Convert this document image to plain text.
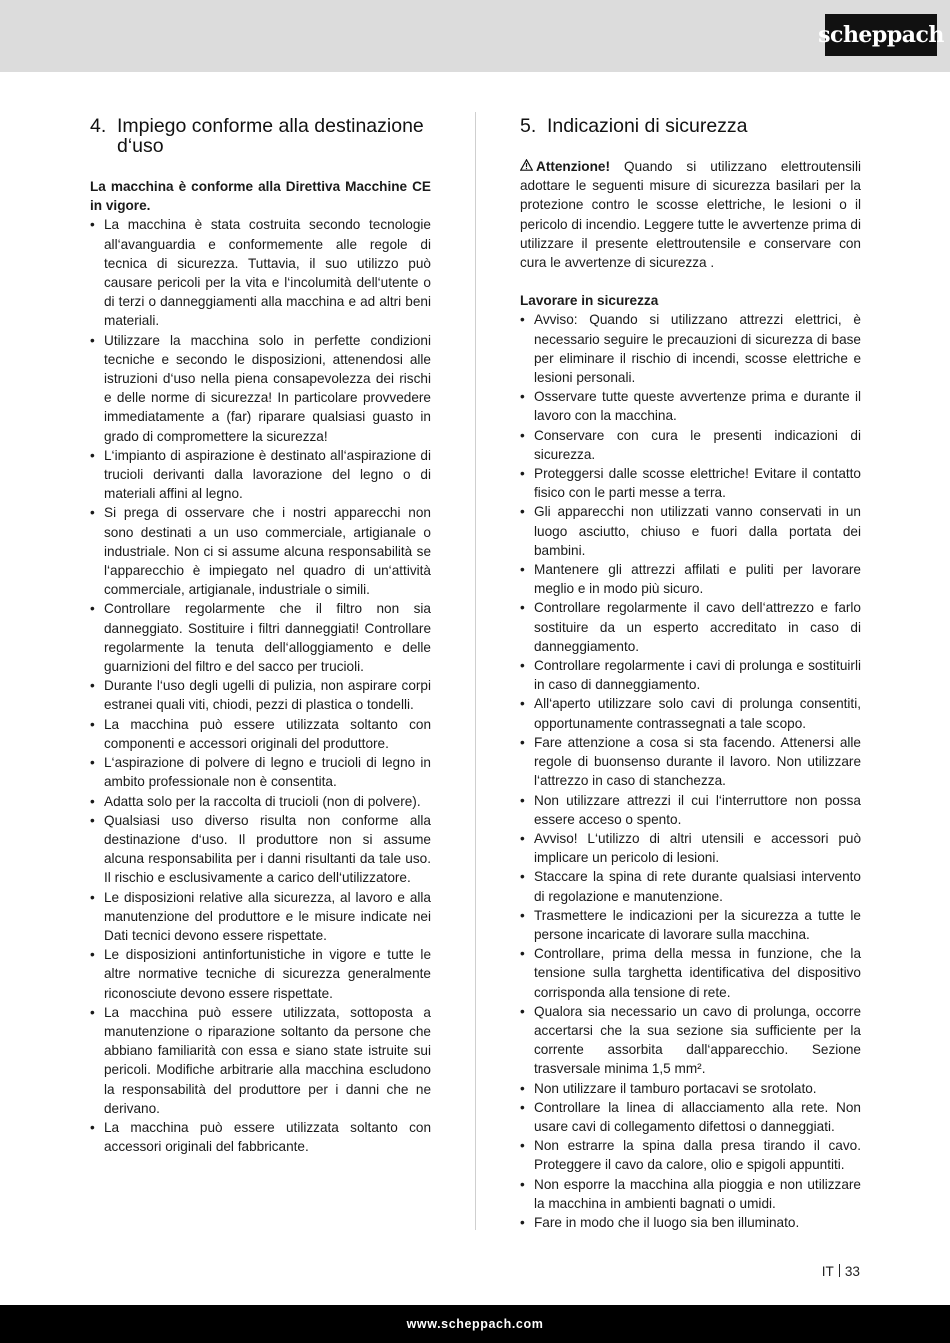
scheppach
4. Impiego conforme alla destinazione d‘uso

La macchina è conforme alla Direttiva Macchine CE in vigore.

• La macchina è stata costruita secondo tecnologie all‘avanguardia e conformemente alle regole di tecnica di sicurezza. Tuttavia, il suo utilizzo può causare pericoli per la vita e l‘incolumità dell‘utente o di terzi o danneggiamenti alla macchina e ad altri beni materiali.
• Utilizzare la macchina solo in perfette condizioni tecniche e secondo le disposizioni, attenendosi alle istruzioni d‘uso nella piena consapevolezza dei rischi e delle norme di sicurezza! In particolare provvedere immediatamente a (far) riparare qualsiasi guasto in grado di compromettere la sicurezza!
• L‘impianto di aspirazione è destinato all‘aspirazione di trucioli derivanti dalla lavorazione del legno o di materiali affini al legno.
• Si prega di osservare che i nostri apparecchi non sono destinati a un uso commerciale, artigianale o industriale. Non ci si assume alcuna responsabilità se l‘apparecchio è impiegato nel quadro di un‘attività commerciale, artigianale, industriale o simili.
• Controllare regolarmente che il filtro non sia danneggiato. Sostituire i filtri danneggiati! Controllare regolarmente la tenuta dell‘alloggiamento e delle guarnizioni del filtro e del sacco per trucioli.
• Durante l‘uso degli ugelli di pulizia, non aspirare corpi estranei quali viti, chiodi, pezzi di plastica o tondelli.
• La macchina può essere utilizzata soltanto con componenti e accessori originali del produttore.
• L‘aspirazione di polvere di legno e trucioli di legno in ambito professionale non è consentita.
• Adatta solo per la raccolta di trucioli (non di polvere).
• Qualsiasi uso diverso risulta non conforme alla destinazione d‘uso. Il produttore non si assume alcuna responsabilita per i danni risultanti da tale uso. Il rischio e esclusivamente a carico dell‘utilizzatore.
• Le disposizioni relative alla sicurezza, al lavoro e alla manutenzione del produttore e le misure indicate nei Dati tecnici devono essere rispettate.
• Le disposizioni antinfortunistiche in vigore e tutte le altre normative tecniche di sicurezza generalmente riconosciute devono essere rispettate.
• La macchina può essere utilizzata, sottoposta a manutenzione o riparazione soltanto da persone che abbiano familiarità con essa e siano state istruite sui pericoli. Modifiche arbitrarie alla macchina escludono la responsabilità del produttore per i danni che ne derivano.
• La macchina può essere utilizzata soltanto con accessori originali del fabbricante.
5. Indicazioni di sicurezza

Attenzione! Quando si utilizzano elettroutensili adottare le seguenti misure di sicurezza basilari per la protezione contro le scosse elettriche, le lesioni o il pericolo di incendio. Leggere tutte le avvertenze prima di utilizzare il presente elettroutensile e conservare con cura le avvertenze di sicurezza .

Lavorare in sicurezza

• Avviso: Quando si utilizzano attrezzi elettrici, è necessario seguire le precauzioni di sicurezza di base per eliminare il rischio di incendi, scosse elettriche e lesioni personali.
• Osservare tutte queste avvertenze prima e durante il lavoro con la macchina.
• Conservare con cura le presenti indicazioni di sicurezza.
• Proteggersi dalle scosse elettriche! Evitare il contatto fisico con le parti messe a terra.
• Gli apparecchi non utilizzati vanno conservati in un luogo asciutto, chiuso e fuori dalla portata dei bambini.
• Mantenere gli attrezzi affilati e puliti per lavorare meglio e in modo più sicuro.
• Controllare regolarmente il cavo dell‘attrezzo e farlo sostituire da un esperto accreditato in caso di danneggiamento.
• Controllare regolarmente i cavi di prolunga e sostituirli in caso di danneggiamento.
• All‘aperto utilizzare solo cavi di prolunga consentiti, opportunamente contrassegnati a tale scopo.
• Fare attenzione a cosa si sta facendo. Attenersi alle regole di buonsenso durante il lavoro. Non utilizzare l‘attrezzo in caso di stanchezza.
• Non utilizzare attrezzi il cui l‘interruttore non possa essere acceso o spento.
• Avviso! L‘utilizzo di altri utensili e accessori può implicare un pericolo di lesioni.
• Staccare la spina di rete durante qualsiasi intervento di regolazione e manutenzione.
• Trasmettere le indicazioni per la sicurezza a tutte le persone incaricate di lavorare sulla macchina.
• Controllare, prima della messa in funzione, che la tensione sulla targhetta identificativa del dispositivo corrisponda alla tensione di rete.
• Qualora sia necessario un cavo di prolunga, occorre accertarsi che la sua sezione sia sufficiente per la corrente assorbita dall‘apparecchio. Sezione trasversale minima 1,5 mm².
• Non utilizzare il tamburo portacavi se srotolato.
• Controllare la linea di allacciamento alla rete. Non usare cavi di collegamento difettosi o danneggiati.
• Non estrarre la spina dalla presa tirando il cavo. Proteggere il cavo da calore, olio e spigoli appuntiti.
• Non esporre la macchina alla pioggia e non utilizzare la macchina in ambienti bagnati o umidi.
• Fare in modo che il luogo sia ben illuminato.
IT 33
www.scheppach.com
